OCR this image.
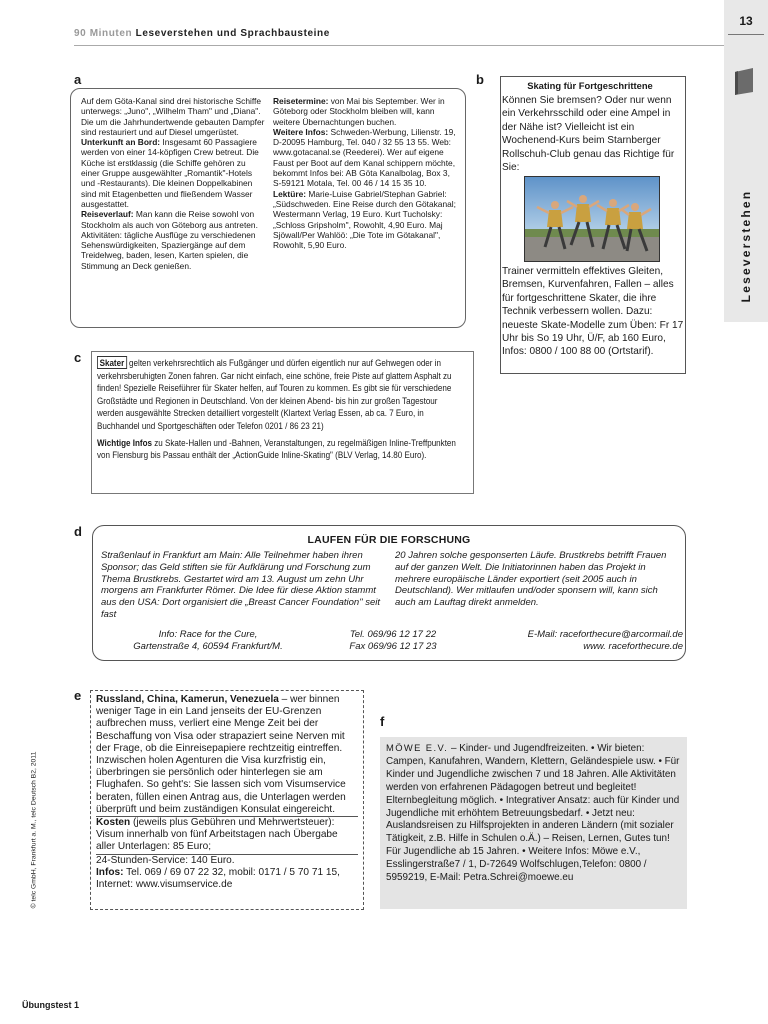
90 Minuten Leseverstehen und Sprachbausteine
13
Leseverstehen
a	b
c
d
e
f

Auf dem Göta-Kanal sind drei historische Schiffe unterwegs: „Juno", „Wilhelm Tham" und „Diana". Die um die Jahrhundertwende gebauten Dampfer sind restauriert und auf Diesel umgerüstet.

Unterkunft an Bord: Insgesamt 60 Passagiere werden von einer 14-köpfigen Crew betreut. Die Küche ist erstklassig (die Schiffe gehören zu einer Gruppe ausgewählter „Romantik"-Hotels und -Restaurants). Die kleinen Doppelkabinen sind mit Etagenbetten und fließendem Wasser ausgestattet.

Reiseverlauf: Man kann die Reise sowohl von Stockholm als auch von Göteborg aus antreten. Aktivitäten: tägliche Ausflüge zu verschiedenen Sehenswürdigkeiten, Spaziergänge auf dem Treidelweg, baden, lesen, Karten spielen, die Stimmung an Deck genießen.

Reisetermine: von Mai bis September. Wer in Göteborg oder Stockholm bleiben will, kann weitere Übernachtungen buchen.

Weitere Infos: Schweden-Werbung, Lilienstr. 19, D-20095 Hamburg, Tel. 040 / 32 55 13 55. Web: www.gotacanal.se (Reederei). Wer auf eigene Faust per Boot auf dem Kanal schippern möchte, bekommt Infos bei: AB Göta Kanalbolag, Box 3, S-59121 Motala, Tel. 00 46 / 14 15 35 10.

Lektüre: Marie-Luise Gabriel/Stephan Gabriel: „Südschweden. Eine Reise durch den Götakanal; Westermann Verlag, 19 Euro. Kurt Tucholsky: „Schloss Gripsholm", Rowohlt, 4,90 Euro. Maj Sjöwall/Per Wahlöö: „Die Tote im Götakanal", Rowohlt, 5,90 Euro.

Skating für Fortgeschrittene
Können Sie bremsen? Oder nur wenn ein Verkehrsschild oder eine Ampel in der Nähe ist? Vielleicht ist ein Wochenend-Kurs beim Starnberger Rollschuh-Club genau das Richtige für Sie:
Trainer vermitteln effektives Gleiten, Bremsen, Kurvenfahren, Fallen – alles für fortgeschrittene Skater, die ihre Technik verbessern wollen. Dazu: neueste Skate-Modelle zum Üben: Fr 17 Uhr bis So 19 Uhr, Ü/F, ab 160 Euro, Infos: 0800 / 100 88 00 (Ortstarif).

Skater gelten verkehrsrechtlich als Fußgänger und dürfen eigentlich nur auf Gehwegen oder in verkehrsberuhigten Zonen fahren. Gar nicht einfach, eine schöne, freie Piste auf glattem Asphalt zu finden! Spezielle Reiseführer für Skater helfen, auf Touren zu kommen. Es gibt sie für verschiedene Großstädte und Regionen in Deutschland. Von der kleinen Abend- bis hin zur großen Tagestour werden ausgewählte Strecken detailliert vorgestellt (Klartext Verlag Essen, ab ca. 7 Euro, in Buchhandel und Sportgeschäften oder Telefon 0201 / 86 23 21)

Wichtige Infos zu Skate-Hallen und -Bahnen, Veranstaltungen, zu regelmäßigen Inline-Treffpunkten von Flensburg bis Passau enthält der „ActionGuide Inline-Skating" (BLV Verlag, 14.80 Euro).

LAUFEN FÜR DIE FORSCHUNG
Straßenlauf in Frankfurt am Main: Alle Teilnehmer haben ihren Sponsor; das Geld stiften sie für Aufklärung und Forschung zum Thema Brustkrebs. Gestartet wird am 13. August um zehn Uhr morgens am Frankfurter Römer. Die Idee für diese Aktion stammt aus den USA: Dort organisiert die „Breast Cancer Foundation" seit fast
20 Jahren solche gesponserten Läufe. Brustkrebs betrifft Frauen auf der ganzen Welt. Die Initiatorinnen haben das Projekt in mehrere europäische Länder exportiert (seit 2005 auch in Deutschland). Wer mitlaufen und/oder sponsern will, kann sich auch am Lauftag direkt anmelden.
Info: Race for the Cure,
Gartenstraße 4, 60594 Frankfurt/M.
Tel. 069/96 12 17 22
Fax 069/96 12 17 23
E-Mail: raceforthecure@arcormail.de
www. raceforthecure.de

Russland, China, Kamerun, Venezuela – wer binnen weniger Tage in ein Land jenseits der EU-Grenzen aufbrechen muss, verliert eine Menge Zeit bei der Beschaffung von Visa oder strapaziert seine Nerven mit der Frage, ob die Einreisepapiere rechtzeitig eintreffen. Inzwischen holen Agenturen die Visa kurzfristig ein, überbringen sie persönlich oder hinterlegen sie am Flughafen. So geht's: Sie lassen sich vom Visumservice beraten, füllen einen Antrag aus, die Unterlagen werden überprüft und beim zuständigen Konsulat eingereicht.

Kosten (jeweils plus Gebühren und Mehrwertsteuer): Visum innerhalb von fünf Arbeitstagen nach Übergabe aller Unterlagen: 85 Euro;

24-Stunden-Service: 140 Euro.

Infos: Tel. 069 / 69 07 22 32, mobil: 0171 / 5 70 71 15,

Internet: www.visumservice.de

MÖWE E.V. – Kinder- und Jugendfreizeiten. • Wir bieten: Campen, Kanufahren, Wandern, Klettern, Geländespiele usw. • Für Kinder und Jugendliche zwischen 7 und 18 Jahren. Alle Aktivitäten werden von erfahrenen Pädagogen betreut und begleitet! Elternbegleitung möglich. • Integrativer Ansatz: auch für Kinder und Jugendliche mit erhöhtem Betreuungsbedarf. • Jetzt neu: Auslandsreisen zu Hilfsprojekten in anderen Ländern (mit sozialer Tätigkeit, z.B. Hilfe in Schulen o.Ä.) – Reisen, Lernen, Gutes tun! Für Jugendliche ab 15 Jahren. • Weitere Infos: Möwe e.V., Esslingerstraße7 / 1, D-72649 Wolfschlugen,Telefon: 0800 / 5959219, E-Mail: Petra.Schrei@moewe.eu
© telc GmbH, Frankfurt a. M., telc Deutsch B2, 2011
Übungstest 1
